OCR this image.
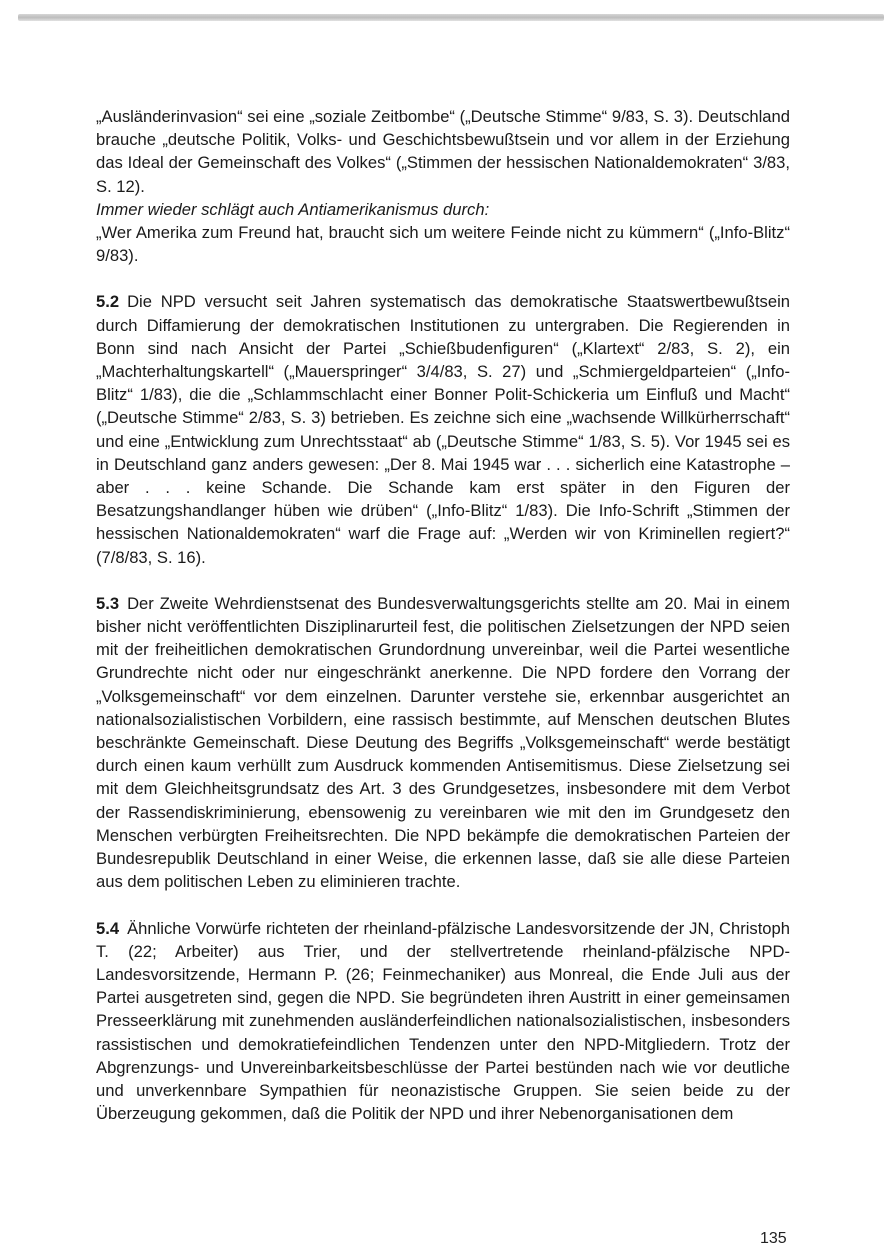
„Ausländerinvasion“ sei eine „soziale Zeitbombe“ („Deutsche Stimme“ 9/83, S. 3). Deutschland brauche „deutsche Politik, Volks- und Geschichtsbewußtsein und vor allem in der Erziehung das Ideal der Gemeinschaft des Volkes“ („Stimmen der hessischen Nationaldemokraten“ 3/83, S. 12).

Immer wieder schlägt auch Antiamerikanismus durch:

„Wer Amerika zum Freund hat, braucht sich um weitere Feinde nicht zu kümmern“ („Info-Blitz“ 9/83).

5.2 Die NPD versucht seit Jahren systematisch das demokratische Staatswertbewußtsein durch Diffamierung der demokratischen Institutionen zu untergraben. Die Regierenden in Bonn sind nach Ansicht der Partei „Schießbudenfiguren“ („Klartext“ 2/83, S. 2), ein „Machterhaltungskartell“ („Mauerspringer“ 3/4/83, S. 27) und „Schmiergeldparteien“ („Info-Blitz“ 1/83), die die „Schlammschlacht einer Bonner Polit-Schickeria um Einfluß und Macht“ („Deutsche Stimme“ 2/83, S. 3) betrieben. Es zeichne sich eine „wachsende Willkürherrschaft“ und eine „Entwicklung zum Unrechtsstaat“ ab („Deutsche Stimme“ 1/83, S. 5). Vor 1945 sei es in Deutschland ganz anders gewesen: „Der 8. Mai 1945 war . . . sicherlich eine Katastrophe – aber . . . keine Schande. Die Schande kam erst später in den Figuren der Besatzungshandlanger hüben wie drüben“ („Info-Blitz“ 1/83). Die Info-Schrift „Stimmen der hessischen Nationaldemokraten“ warf die Frage auf: „Werden wir von Kriminellen regiert?“ (7/8/83, S. 16).

5.3 Der Zweite Wehrdienstsenat des Bundesverwaltungsgerichts stellte am 20. Mai in einem bisher nicht veröffentlichten Disziplinarurteil fest, die politischen Zielsetzungen der NPD seien mit der freiheitlichen demokratischen Grundordnung unvereinbar, weil die Partei wesentliche Grundrechte nicht oder nur eingeschränkt anerkenne. Die NPD fordere den Vorrang der „Volksgemeinschaft“ vor dem einzelnen. Darunter verstehe sie, erkennbar ausgerichtet an nationalsozialistischen Vorbildern, eine rassisch bestimmte, auf Menschen deutschen Blutes beschränkte Gemeinschaft. Diese Deutung des Begriffs „Volksgemeinschaft“ werde bestätigt durch einen kaum verhüllt zum Ausdruck kommenden Antisemitismus. Diese Zielsetzung sei mit dem Gleichheitsgrundsatz des Art. 3 des Grundgesetzes, insbesondere mit dem Verbot der Rassendiskriminierung, ebensowenig zu vereinbaren wie mit den im Grundgesetz den Menschen verbürgten Freiheitsrechten. Die NPD bekämpfe die demokratischen Parteien der Bundesrepublik Deutschland in einer Weise, die erkennen lasse, daß sie alle diese Parteien aus dem politischen Leben zu eliminieren trachte.

5.4 Ähnliche Vorwürfe richteten der rheinland-pfälzische Landesvorsitzende der JN, Christoph T. (22; Arbeiter) aus Trier, und der stellvertretende rheinland-pfälzische NPD-Landesvorsitzende, Hermann P. (26; Feinmechaniker) aus Monreal, die Ende Juli aus der Partei ausgetreten sind, gegen die NPD. Sie begründeten ihren Austritt in einer gemeinsamen Presseerklärung mit zunehmenden ausländerfeindlichen nationalsozialistischen, insbesonders rassistischen und demokratiefeindlichen Tendenzen unter den NPD-Mitgliedern. Trotz der Abgrenzungs- und Unvereinbarkeitsbeschlüsse der Partei bestünden nach wie vor deutliche und unverkennbare Sympathien für neonazistische Gruppen. Sie seien beide zu der Überzeugung gekommen, daß die Politik der NPD und ihrer Nebenorganisationen dem

135
